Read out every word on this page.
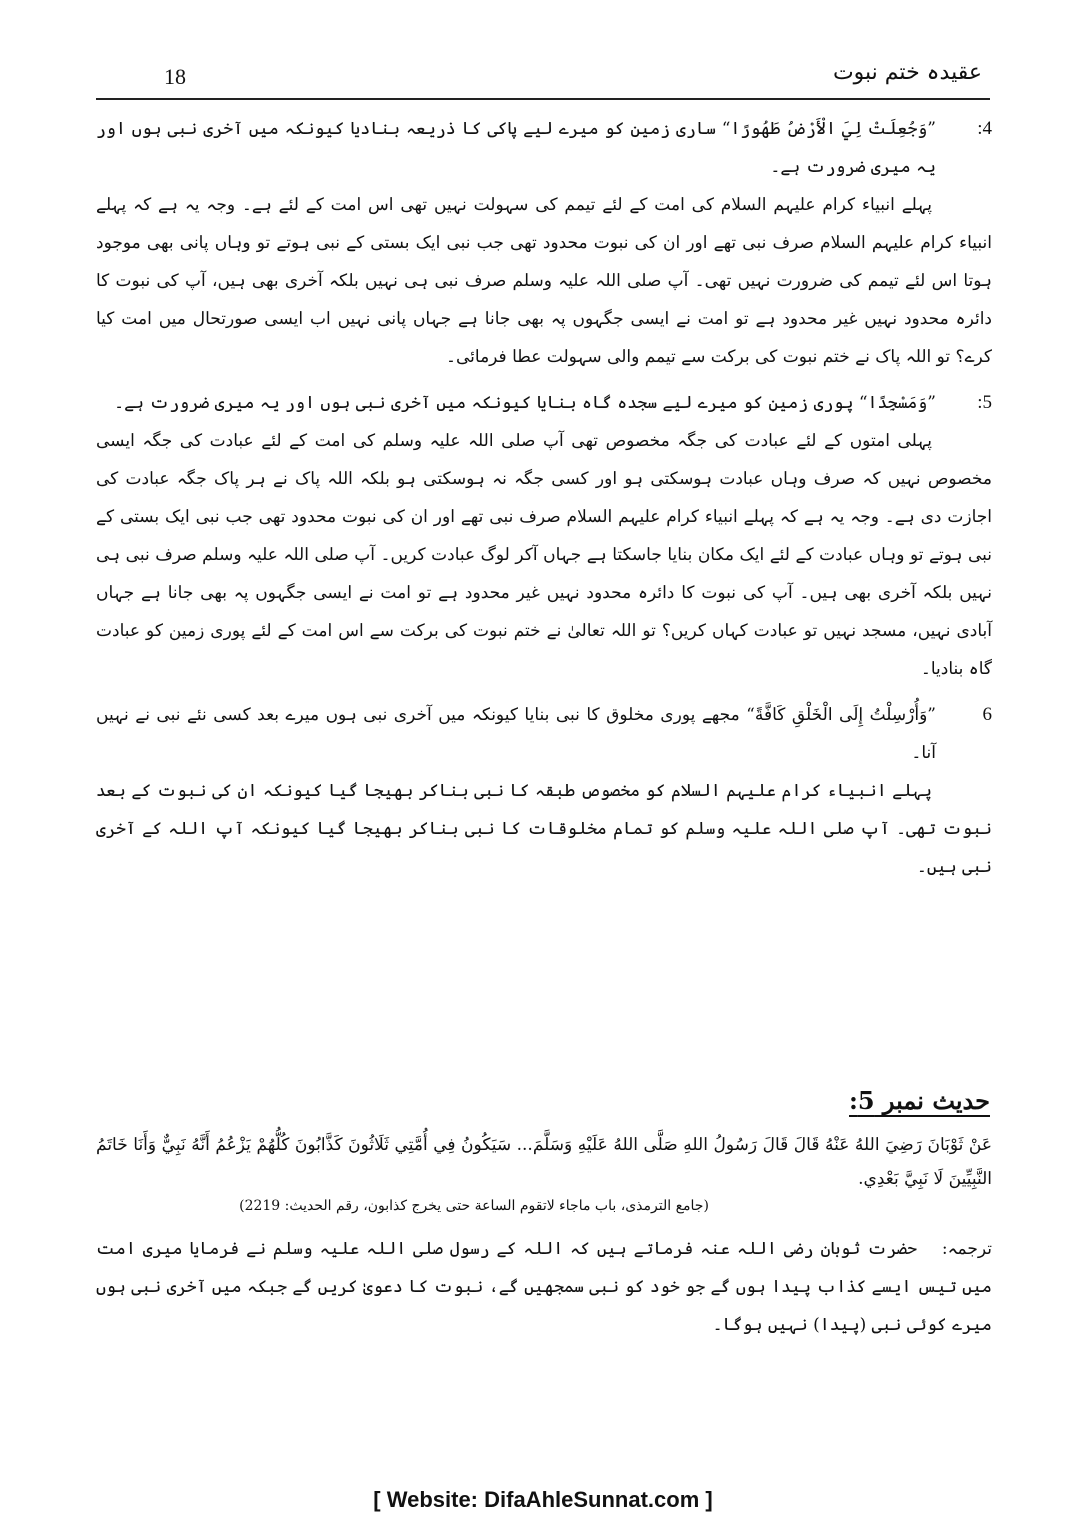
18	عقیدہ ختم نبوت
4:
”وَجُعِلَتْ لِيَ الْأَرْضُ طَهُورًا“ ساری زمین کو میرے لیے پاکی کا ذریعہ بنادیا کیونکہ میں آخری نبی ہوں اور یہ میری ضرورت ہے۔

پہلے انبیاء کرام علیہم السلام کی امت کے لئے تیمم کی سہولت نہیں تھی اس امت کے لئے ہے۔ وجہ یہ ہے کہ پہلے انبیاء کرام علیہم السلام صرف نبی تھے اور ان کی نبوت محدود تھی جب نبی ایک بستی کے نبی ہوتے تو وہاں پانی بھی موجود ہوتا اس لئے تیمم کی ضرورت نہیں تھی۔ آپ صلی اللہ علیہ وسلم صرف نبی ہی نہیں بلکہ آخری بھی ہیں، آپ کی نبوت کا دائرہ محدود نہیں غیر محدود ہے تو امت نے ایسی جگہوں پہ بھی جانا ہے جہاں پانی نہیں اب ایسی صورتحال میں امت کیا کرے؟ تو اللہ پاک نے ختم نبوت کی برکت سے تیمم والی سہولت عطا فرمائی۔

5:
”وَمَسْجِدًا“ پوری زمین کو میرے لیے سجدہ گاہ بنایا کیونکہ میں آخری نبی ہوں اور یہ میری ضرورت ہے۔

پہلی امتوں کے لئے عبادت کی جگہ مخصوص تھی آپ صلی اللہ علیہ وسلم کی امت کے لئے عبادت کی جگہ ایسی مخصوص نہیں کہ صرف وہاں عبادت ہوسکتی ہو اور کسی جگہ نہ ہوسکتی ہو بلکہ اللہ پاک نے ہر پاک جگہ عبادت کی اجازت دی ہے۔ وجہ یہ ہے کہ پہلے انبیاء کرام علیہم السلام صرف نبی تھے اور ان کی نبوت محدود تھی جب نبی ایک بستی کے نبی ہوتے تو وہاں عبادت کے لئے ایک مکان بنایا جاسکتا ہے جہاں آکر لوگ عبادت کریں۔ آپ صلی اللہ علیہ وسلم صرف نبی ہی نہیں بلکہ آخری بھی ہیں۔ آپ کی نبوت کا دائرہ محدود نہیں غیر محدود ہے تو امت نے ایسی جگہوں پہ بھی جانا ہے جہاں آبادی نہیں، مسجد نہیں تو عبادت کہاں کریں؟ تو اللہ تعالیٰ نے ختم نبوت کی برکت سے اس امت کے لئے پوری زمین کو عبادت گاہ بنادیا۔

6
”وَأُرْسِلْتُ إِلَى الْخَلْقِ كَافَّةً“ مجھے پوری مخلوق کا نبی بنایا کیونکہ میں آخری نبی ہوں میرے بعد کسی نئے نبی نے نہیں آنا۔

پہلے انبیاء کرام علیہم السلام کو مخصوص طبقہ کا نبی بناکر بھیجا گیا کیونکہ ان کی نبوت کے بعد نبوت تھی۔ آپ صلی اللہ علیہ وسلم کو تمام مخلوقات کا نبی بناکر بھیجا گیا کیونکہ آپ اللہ کے آخری نبی ہیں۔

حدیث نمبر 5:
عَنْ ثَوْبَانَ رَضِيَ اللهُ عَنْهُ قَالَ قَالَ رَسُولُ اللهِ صَلَّى اللهُ عَلَيْهِ وَسَلَّمَ... سَيَكُونُ فِي أُمَّتِي ثَلَاثُونَ كَذَّابُونَ كُلُّهُمْ يَزْعُمُ أَنَّهُ نَبِيٌّ وَأَنَا خَاتَمُ النَّبِيِّينَ لَا نَبِيَّ بَعْدِي.
(جامع الترمذی، باب ماجاء لاتقوم الساعة حتی یخرج کذابون، رقم الحدیث: 2219)
ترجمہ: حضرت ثوبان رضی اللہ عنہ فرماتے ہیں کہ اللہ کے رسول صلی اللہ علیہ وسلم نے فرمایا میری امت میں تیس ایسے کذاب پیدا ہوں گے جو خود کو نبی سمجھیں گے، نبوت کا دعویٰ کریں گے جبکہ میں آخری نبی ہوں میرے کوئی نبی (پیدا) نہیں ہوگا۔
[ Website: DifaAhleSunnat.com ]
